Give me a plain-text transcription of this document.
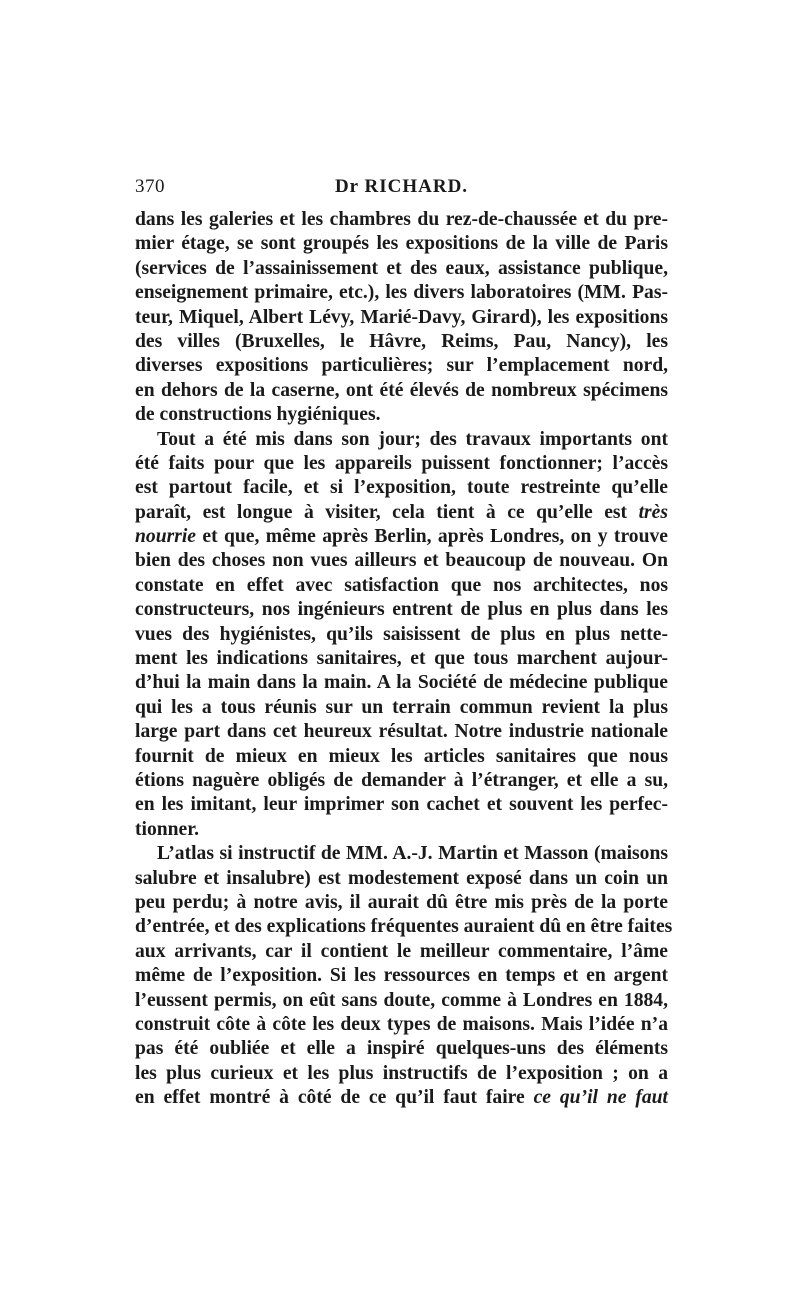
370	Dr RICHARD.
dans les galeries et les chambres du rez-de-chaussée et du pre-
mier étage, se sont groupés les expositions de la ville de Paris
(services de l’assainissement et des eaux, assistance publique,
enseignement primaire, etc.), les divers laboratoires (MM. Pas-
teur, Miquel, Albert Lévy, Marié-Davy, Girard), les expositions
des villes (Bruxelles, le Hâvre, Reims, Pau, Nancy), les
diverses expositions particulières; sur l’emplacement nord,
en dehors de la caserne, ont été élevés de nombreux spécimens
de constructions hygiéniques.
Tout a été mis dans son jour; des travaux importants ont
été faits pour que les appareils puissent fonctionner; l’accès
est partout facile, et si l’exposition, toute restreinte qu’elle
paraît, est longue à visiter, cela tient à ce qu’elle est très
nourrie et que, même après Berlin, après Londres, on y trouve
bien des choses non vues ailleurs et beaucoup de nouveau. On
constate en effet avec satisfaction que nos architectes, nos
constructeurs, nos ingénieurs entrent de plus en plus dans les
vues des hygiénistes, qu’ils saisissent de plus en plus nette-
ment les indications sanitaires, et que tous marchent aujour-
d’hui la main dans la main. A la Société de médecine publique
qui les a tous réunis sur un terrain commun revient la plus
large part dans cet heureux résultat. Notre industrie nationale
fournit de mieux en mieux les articles sanitaires que nous
étions naguère obligés de demander à l’étranger, et elle a su,
en les imitant, leur imprimer son cachet et souvent les perfec-
tionner.
L’atlas si instructif de MM. A.-J. Martin et Masson (maisons
salubre et insalubre) est modestement exposé dans un coin un
peu perdu; à notre avis, il aurait dû être mis près de la porte
d’entrée, et des explications fréquentes auraient dû en être faites
aux arrivants, car il contient le meilleur commentaire, l’âme
même de l’exposition. Si les ressources en temps et en argent
l’eussent permis, on eût sans doute, comme à Londres en 1884,
construit côte à côte les deux types de maisons. Mais l’idée n’a
pas été oubliée et elle a inspiré quelques-uns des éléments
les plus curieux et les plus instructifs de l’exposition ; on a
en effet montré à côté de ce qu’il faut faire ce qu’il ne faut
